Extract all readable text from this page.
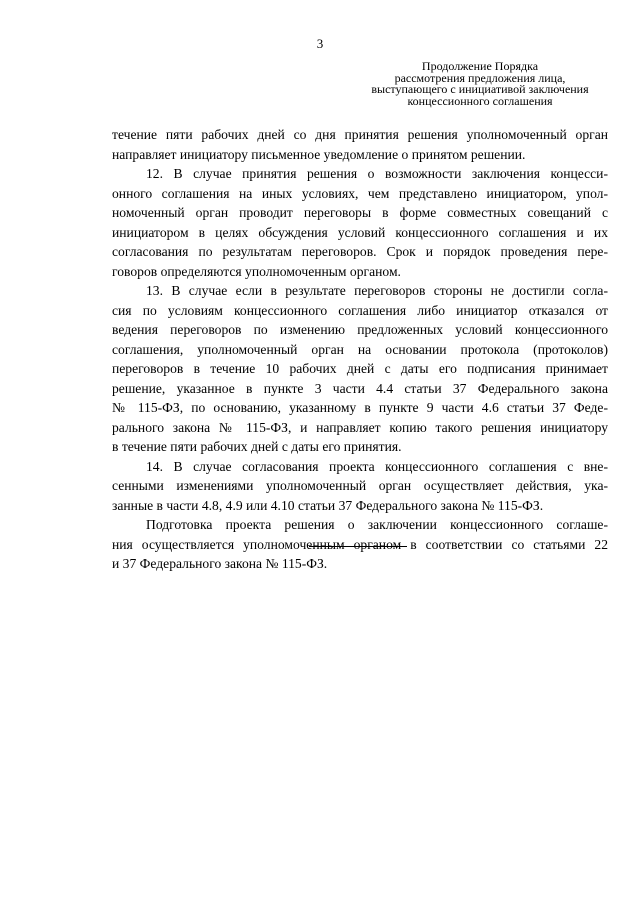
3
Продолжение Порядка
рассмотрения предложения лица,
выступающего с инициативой заключения
концессионного соглашения

течение пяти рабочих дней со дня принятия решения уполномоченный орган
направляет инициатору письменное уведомление о принятом решении.

12. В случае принятия решения о возможности заключения концесси-
онного соглашения на иных условиях, чем представлено инициатором, упол-
номоченный орган проводит переговоры в форме совместных совещаний с
инициатором в целях обсуждения условий концессионного соглашения и их
согласования по результатам переговоров. Срок и порядок проведения пере-
говоров определяются уполномоченным органом.

13. В случае если в результате переговоров стороны не достигли согла-
сия по условиям концессионного соглашения либо инициатор отказался от
ведения переговоров по изменению предложенных условий концессионного
соглашения, уполномоченный орган на основании протокола (протоколов)
переговоров в течение 10 рабочих дней с даты его подписания принимает
решение, указанное в пункте 3 части 4.4 статьи 37 Федерального закона
№ 115-ФЗ, по основанию, указанному в пункте 9 части 4.6 статьи 37 Феде-
рального закона № 115-ФЗ, и направляет копию такого решения инициатору
в течение пяти рабочих дней с даты его принятия.

14. В случае согласования проекта концессионного соглашения с вне-
сенными изменениями уполномоченный орган осуществляет действия, ука-
занные в части 4.8, 4.9 или 4.10 статьи 37 Федерального закона № 115-ФЗ.

Подготовка проекта решения о заключении концессионного соглаше-
ния осуществляется уполномоченным органом в соответствии со статьями 22
и 37 Федерального закона № 115-ФЗ.
